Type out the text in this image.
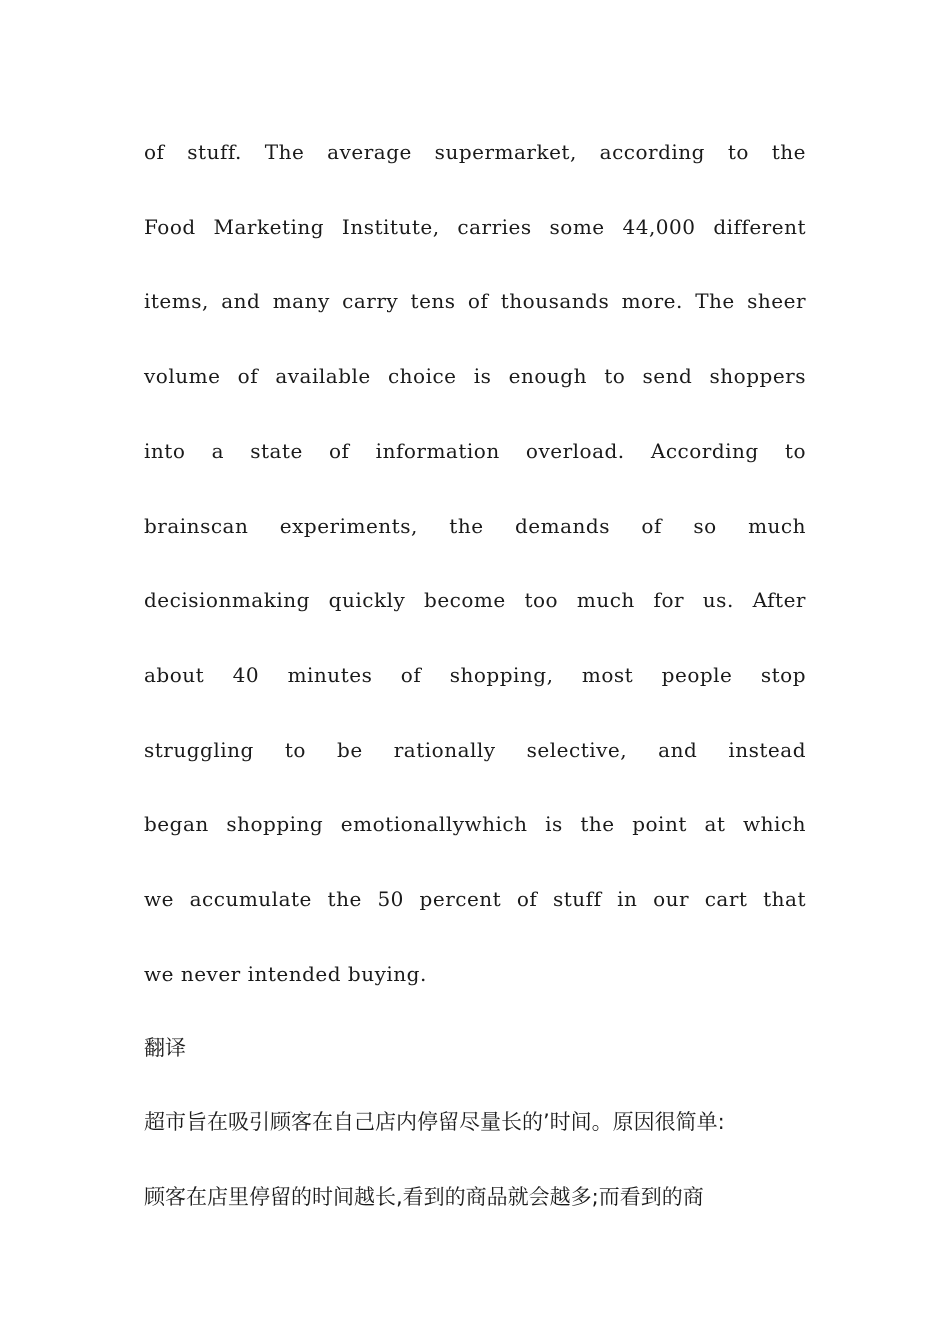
of stuff. The average supermarket, according to the
Food Marketing Institute, carries some 44,000 different
items, and many carry tens of thousands more. The sheer
volume of available choice is enough to send shoppers
into a state of information overload. According to
brainscan experiments, the demands of so much
decisionmaking quickly become too much for us. After
about 40 minutes of shopping, most people stop
struggling to be rationally selective, and instead
began shopping emotionallywhich is the point at which
we accumulate the 50 percent of stuff in our cart that
we never intended buying.
翻译
超市旨在吸引顾客在自己店内停留尽量长的’时间。原因很简单:
顾客在店里停留的时间越长,看到的商品就会越多;而看到的商
